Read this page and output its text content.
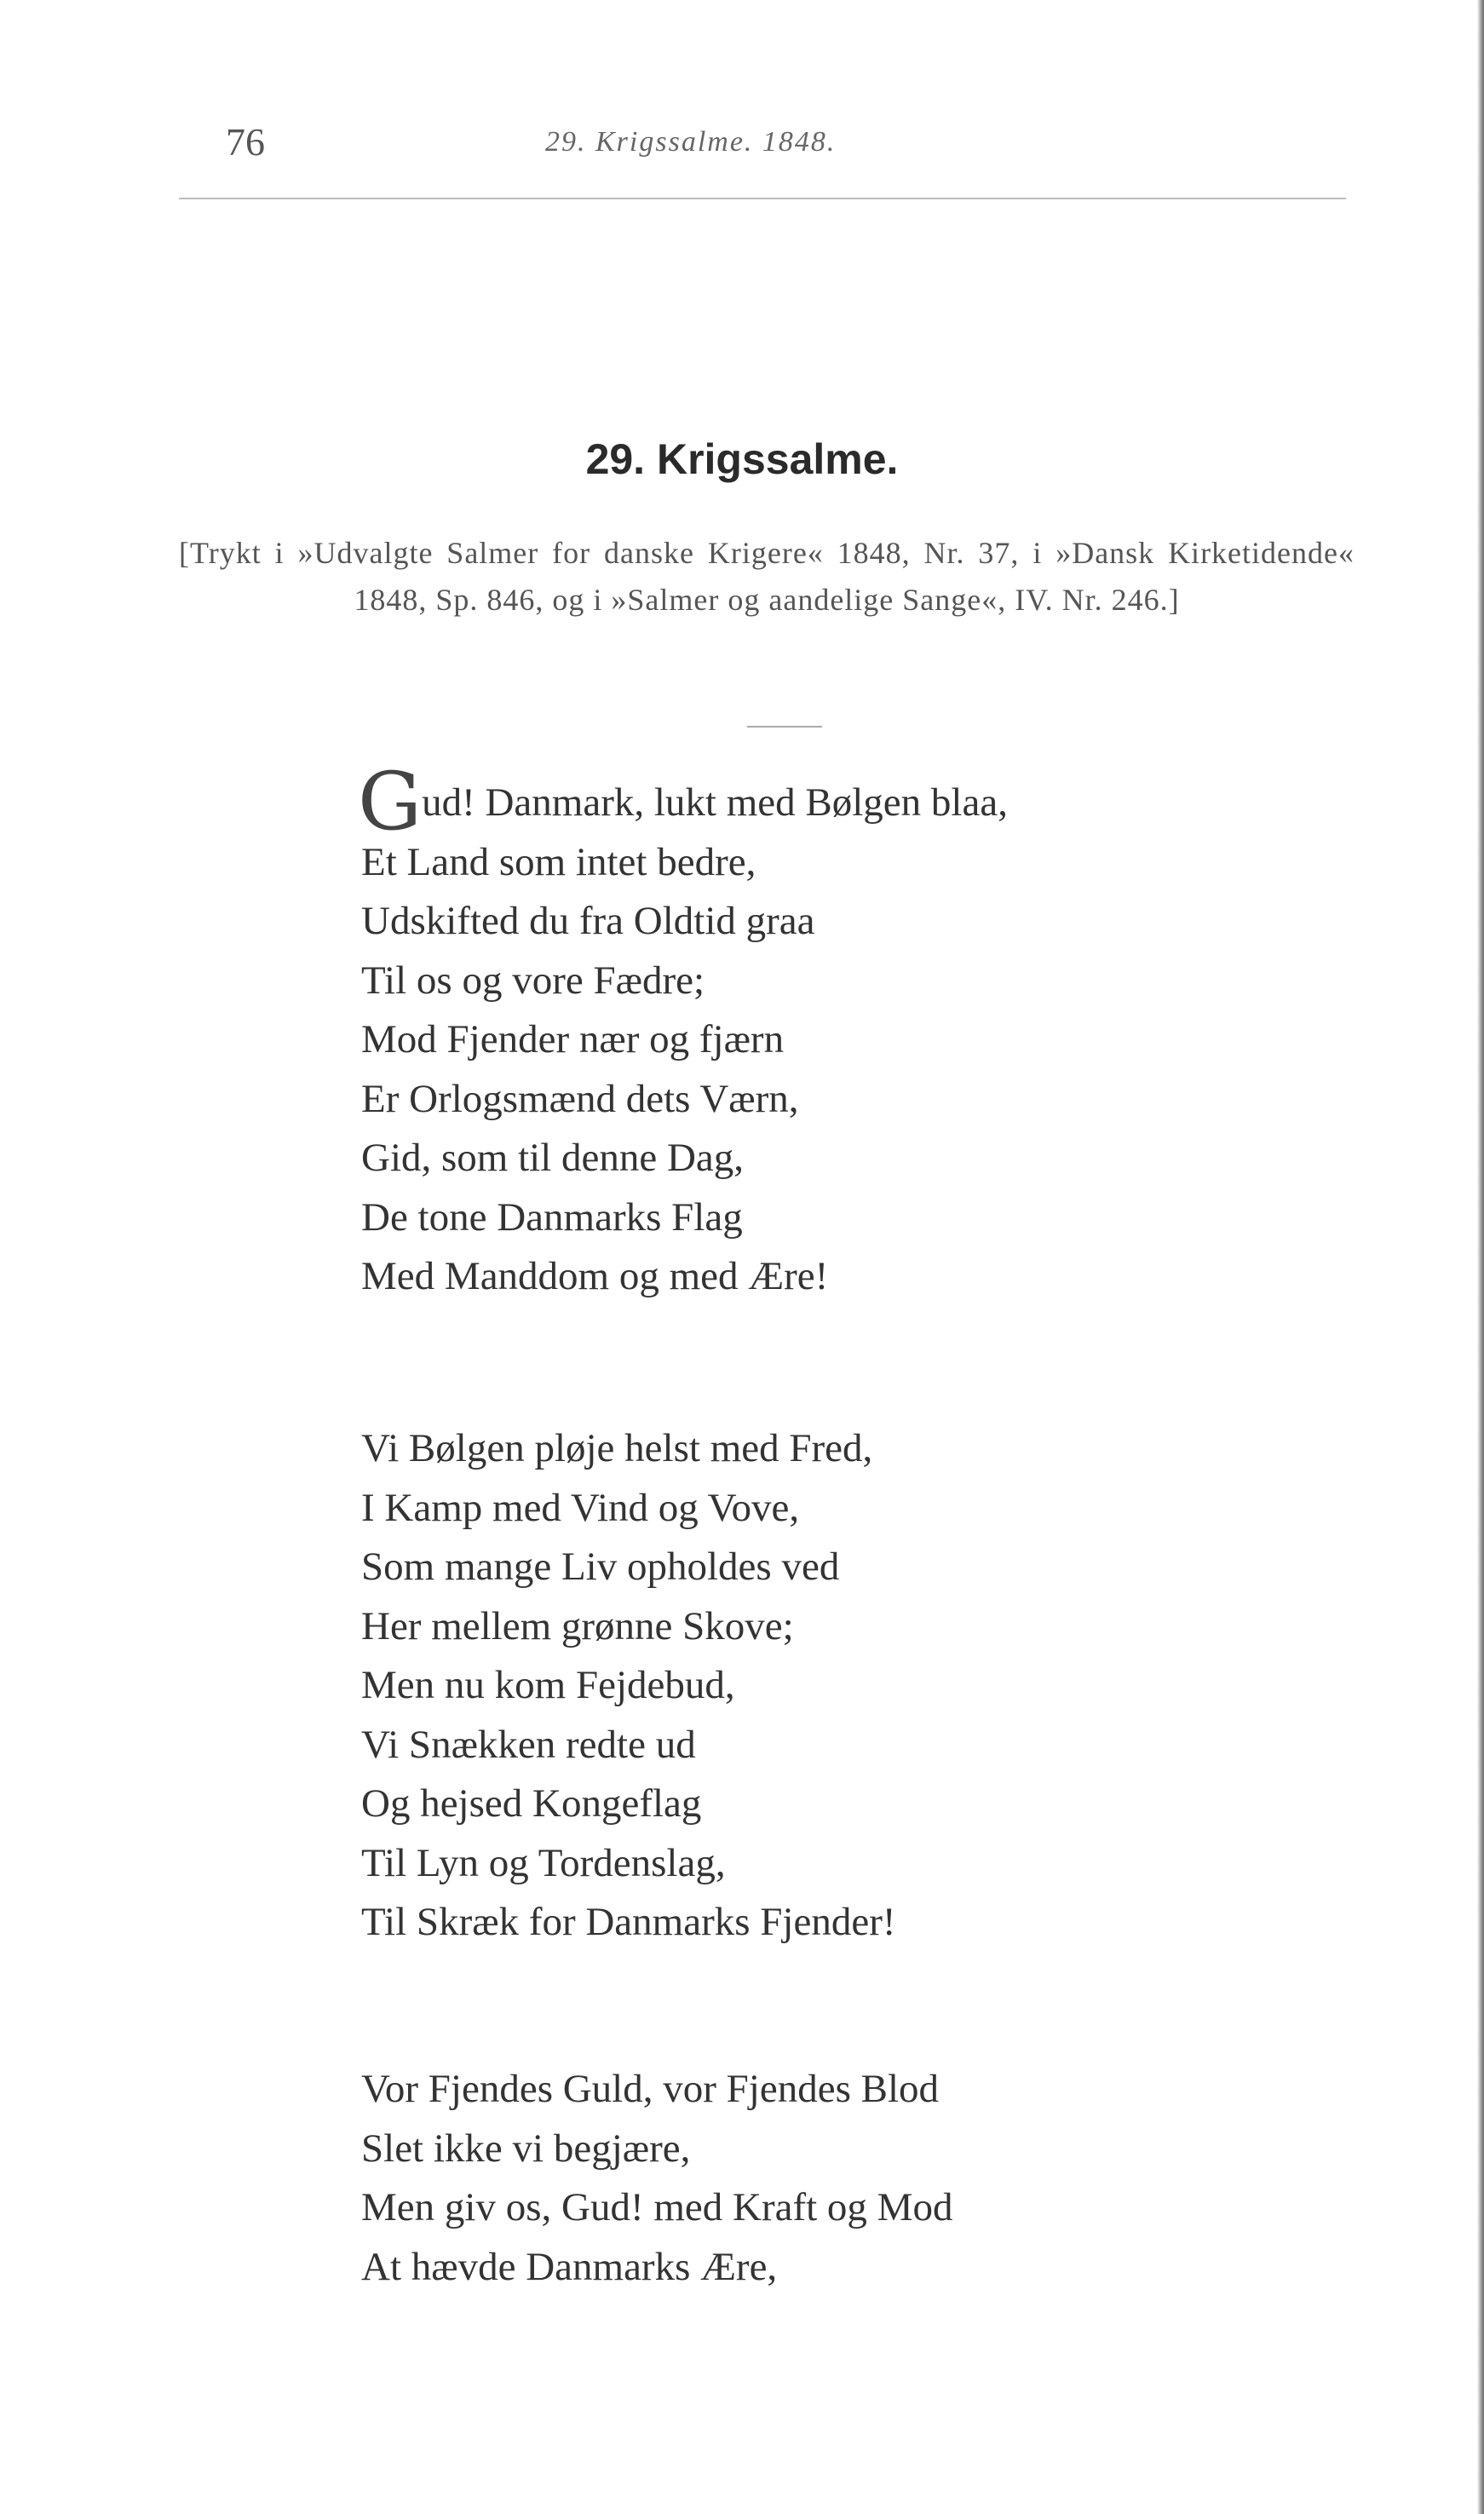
76	29. Krigssalme. 1848.
29. Krigssalme.
[Trykt i »Udvalgte Salmer for danske Krigere« 1848, Nr. 37, i »Dansk Kirketidende« 1848, Sp. 846, og i »Salmer og aandelige Sange«, IV. Nr. 246.]
Gud! Danmark, lukt med Bølgen blaa,
Et Land som intet bedre,
Udskifted du fra Oldtid graa
Til os og vore Fædre;
Mod Fjender nær og fjærn
Er Orlogsmænd dets Værn,
Gid, som til denne Dag,
De tone Danmarks Flag
Med Manddom og med Ære!
Vi Bølgen pløje helst med Fred,
I Kamp med Vind og Vove,
Som mange Liv opholdes ved
Her mellem grønne Skove;
Men nu kom Fejdebud,
Vi Snækken redte ud
Og hejsed Kongeflag
Til Lyn og Tordenslag,
Til Skræk for Danmarks Fjender!
Vor Fjendes Guld, vor Fjendes Blod
Slet ikke vi begjære,
Men giv os, Gud! med Kraft og Mod
At hævde Danmarks Ære,
